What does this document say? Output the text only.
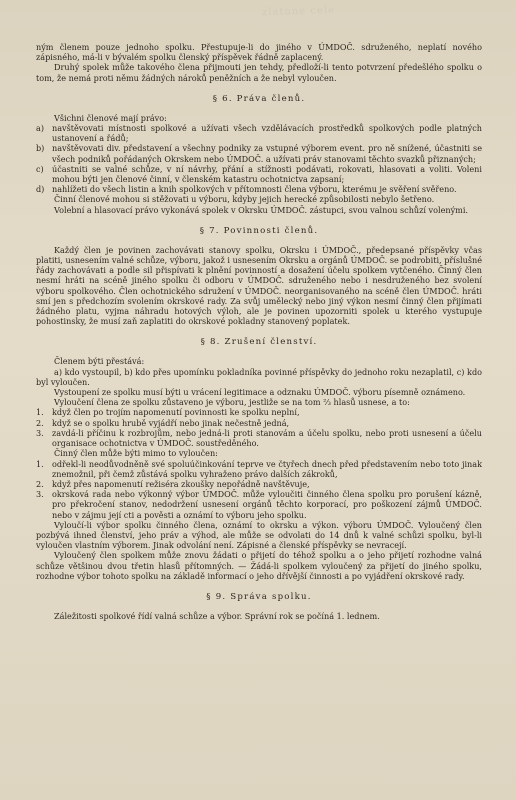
zlatnne cele

ným členem pouze jednoho spolku. Přestupuje-li do jiného v ÚMDOČ. sdruženého, neplatí nového zápisného, má-li v bývalém spolku členský příspěvek řádně zaplacený.

Druhý spolek může takového člena přijmouti jen tehdy, předloží-li tento potvrzení předešlého spolku o tom, že nemá proti němu žádných nároků peněžních a že nebyl vyloučen.

§ 6. Práva členů.

Všichni členové mají právo:

a) navštěvovati místnosti spolkové a užívati všech vzdělávacích prostředků spolkových podle platných ustanovení a řádů;
b) navštěvovati div. představení a všechny podniky za vstupné výborem event. pro ně snížené, účastniti se všech podniků pořádaných Okrskem nebo ÚMDOČ. a užívati práv stanovami těchto svazků přiznaných;
c)	účastniti se valné schůze, v ní návrhy, přání a stížnosti podávati, rokovati, hlasovati a voliti. Voleni mohou býti jen členové činní, v členském katastru ochotnictva zapsaní;
d) nahlížeti do všech listin a knih spolkových v přítomnosti člena výboru, kterému je svěření svěřeno.

Činní členové mohou si stěžovati u výboru, kdyby jejich herecké způsobilosti nebylo šetřeno.

Volební a hlasovací právo vykonává spolek v Okrsku ÚMDOČ. zástupci, svou valnou schůzí volenými.

§ 7. Povinnosti členů.

Každý člen je povinen zachovávati stanovy spolku, Okrsku i ÚMDOČ., předepsané příspěvky včas platiti, usnesením valné schůze, výboru, jakož i usnesením Okrsku a orgánů ÚMDOČ. se podrobiti, příslušné řády zachovávati a podle sil přispívati k plnění povinností a dosažení účelu spolkem vytčeného. Činný člen nesmí hráti na scéně jiného spolku či odboru v ÚMDOČ. sdruženého nebo i nesdruženého bez svolení výboru spolkového. Člen ochotnického sdružení v ÚMDOČ. neorganisovaného na scéně člen ÚMDOČ. hráti smí jen s předchozím svolením okrskové rady. Za svůj umělecký nebo jiný výkon nesmí činný člen přijímati žádného platu, vyjma náhradu hotových výloh, ale je povinen upozorniti spolek u kterého vystupuje pohostinsky, že musí zaň zaplatiti do okrskové pokladny stanovený poplatek.

§ 8. Zrušení členství.

Členem býti přestává:

a) kdo vystoupil, b) kdo přes upomínku pokladníka povinné příspěvky do jednoho roku nezaplatil, c) kdo byl vyloučen.

Vystoupení ze spolku musí býti u vrácení legitimace a odznaku ÚMDOČ. výboru písemně oznámeno.

Vyloučení člena ze spolku zůstaveno je výboru, jestliže se na tom ⅔ hlasů usnese, a to:

1.	když člen po trojím napomenutí povinnosti ke spolku neplní,
2.	když se o spolku hrubě vyjádří nebo jinak nečestně jedná,
3.	zavdá-li příčinu k rozbrojům, nebo jedná-li proti stanovám a účelu spolku, nebo proti usnesení a účelu organisace ochotnictva v ÚMDOČ. soustředěného.

Činný člen může býti mimo to vyloučen:

1.	odřekl-li neodůvodněně své spoluúčinkování teprve ve čtyřech dnech před představením nebo toto jinak znemožnil, při čemž zůstává spolku vyhraženo právo dalších zákroků,
2.	když přes napomenutí režiséra zkoušky nepořádně navštěvuje,
3.	okrsková rada nebo výkonný výbor ÚMDOČ. může vyloučiti činného člena spolku pro porušení kázně, pro překročení stanov, nedodržení usnesení orgánů těchto korporací, pro poškození zájmů ÚMDOČ. nebo v zájmu její cti a pověsti a oznámí to výboru jeho spolku.

Vyloučí-li výbor spolku činného člena, oznámí to okrsku a výkon. výboru ÚMDOČ. Vyloučený člen pozbývá ihned členství, jeho práv a výhod, ale může se odvolati do 14 dnů k valné schůzi spolku, byl-li vyloučen vlastním výborem. Jinak odvolání není. Zápisné a členské příspěvky se nevracejí.

Vyloučený člen spolkem může znovu žádati o přijetí do téhož spolku a o jeho přijetí rozhodne valná schůze většinou dvou třetin hlasů přítomných. — Žádá-li spolkem vyloučený za přijetí do jiného spolku, rozhodne výbor tohoto spolku na základě informací o jeho dřívější činnosti a po vyjádření okrskové rady.

§ 9. Správa spolku.

Záležitosti spolkové řídí valná schůze a výbor. Správní rok se počíná 1. lednem.
